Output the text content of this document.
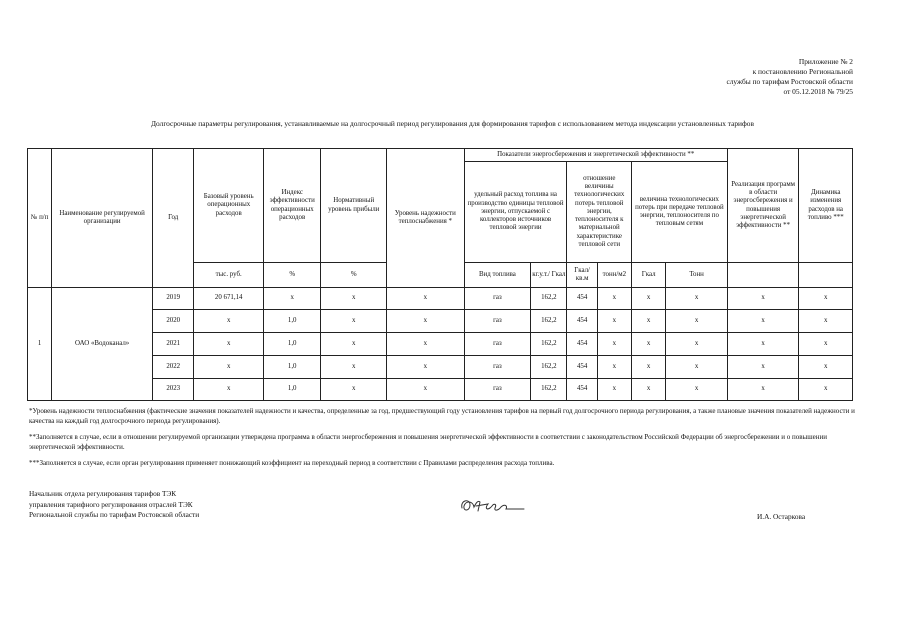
Приложение № 2
к постановлению Региональной
службы по тарифам Ростовской области
от 05.12.2018 № 79/25
Долгосрочные параметры регулирования, устанавливаемые на долгосрочный период регулирования для формирования тарифов с использованием метода индексации установленных тарифов
№ п/п	Наименование регулируемой организации	Год	Базовый уровень операционных расходов	Индекс эффективности операционных расходов	Нормативный уровень прибыли	Уровень надежности теплоснабжения *	Показатели энергосбережения и энергетической эффективности **						Реализация программ в области энергосбережения и повышения энергетической эффективности **	Динамика изменения расходов на топливо ***
							удельный расход топлива на производство единицы тепловой энергии, отпускаемой с коллекторов источников тепловой энергии		отношение величины технологических потерь тепловой энергии, теплоносителя к материальной характеристике тепловой сети		величина технологических потерь при передаче тепловой энергии, теплоносителя по тепловым сетям			
			тыс. руб.	%	%		Вид топлива	кг.у.т./ Гкал	Гкал/ кв.м	тонн/м2	Гкал	Тонн		
1	ОАО «Водоканал»	2019	20 671,14	х	х	х	газ	162,2	454	х	х	х	х	х
		2020	х	1,0	х	х	газ	162,2	454	х	х	х	х	х
		2021	х	1,0	х	х	газ	162,2	454	х	х	х	х	х
		2022	х	1,0	х	х	газ	162,2	454	х	х	х	х	х
		2023	х	1,0	х	х	газ	162,2	454	х	х	х	х	х

*Уровень надежности теплоснабжения (фактические значения показателей надежности и качества, определенные за год, предшествующий году установления тарифов на первый год долгосрочного периода регулирования, а также плановые значения показателей надежности и качества на каждый год долгосрочного периода регулирования).

**Заполняется в случае, если в отношении регулируемой организации утверждена программа в области энергосбережения и повышения энергетической эффективности в соответствии с законодательством Российской Федерации об энергосбережении и о повышении энергетической эффективности.

***Заполняется в случае, если орган регулирования применяет понижающий коэффициент на переходный период в соответствии с Правилами распределения расхода топлива.

Начальник отдела регулирования тарифов ТЭК
управления тарифного регулирования отраслей ТЭК
Региональной службы по тарифам Ростовской области	И.А. Остаркова
